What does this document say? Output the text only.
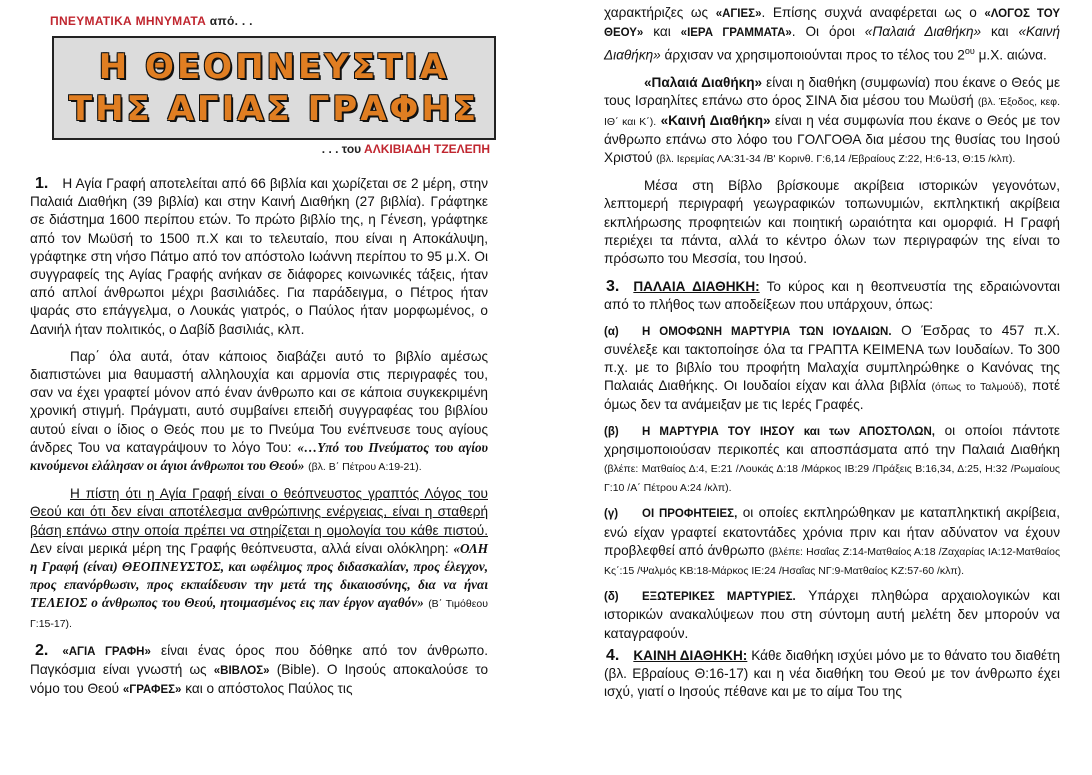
ΠΝΕΥΜΑΤΙΚΑ ΜΗΝΥΜΑΤΑ από. . .
Η ΘΕΟΠΝΕΥΣΤΙΑ
ΤΗΣ ΑΓΙΑΣ ΓΡΑΦΗΣ
. . . του ΑΛΚΙΒΙΑΔΗ ΤΖΕΛΕΠΗ

1. Η Αγία Γραφή αποτελείται από 66 βιβλία και χωρίζεται σε 2 μέρη, στην Παλαιά Διαθήκη (39 βιβλία) και στην Καινή Διαθήκη (27 βιβλία). Γράφτηκε σε διάστημα 1600 περίπου ετών. Το πρώτο βιβλίο της, η Γένεση, γράφτηκε από τον Μωϋσή το 1500 π.Χ και το τελευταίο, που είναι η Αποκάλυψη, γράφτηκε στη νήσο Πάτμο από τον απόστολο Ιωάννη περίπου το 95 μ.Χ. Οι συγγραφείς της Αγίας Γραφής ανήκαν σε διάφορες κοινωνικές τάξεις, ήταν από απλοί άνθρωποι μέχρι βασιλιάδες. Για παράδειγμα, ο Πέτρος ήταν ψαράς στο επάγγελμα, ο Λουκάς γιατρός, ο Παύλος ήταν μορφωμένος, ο Δανιήλ ήταν πολιτικός, ο Δαβίδ βασιλιάς, κλπ.

Παρ΄ όλα αυτά, όταν κάποιος διαβάζει αυτό το βιβλίο αμέσως διαπιστώνει μια θαυμαστή αλληλουχία και αρμονία στις περιγραφές του, σαν να έχει γραφτεί μόνον από έναν άνθρωπο και σε κάποια συγκεκριμένη χρονική στιγμή. Πράγματι, αυτό συμβαίνει επειδή συγγραφέας του βιβλίου αυτού είναι ο ίδιος ο Θεός που με το Πνεύμα Του ενέπνευσε τους αγίους άνδρες Του να καταγράψουν το λόγο Του: «…Υπό του Πνεύματος του αγίου κινούμενοι ελάλησαν οι άγιοι άνθρωποι του Θεού» (βλ. Β΄ Πέτρου Α:19-21).

Η πίστη ότι η Αγία Γραφή είναι ο θεόπνευστος γραπτός Λόγος του Θεού και ότι δεν είναι αποτέλεσμα ανθρώπινης ενέργειας, είναι η σταθερή βάση επάνω στην οποία πρέπει να στηρίζεται η ομολογία του κάθε πιστού. Δεν είναι μερικά μέρη της Γραφής θεόπνευστα, αλλά είναι ολόκληρη: «ΟΛΗ η Γραφή (είναι) ΘΕΟΠΝΕΥΣΤΟΣ, και ωφέλιμος προς διδασκαλίαν, προς έλεγχον, προς επανόρθωσιν, προς εκπαίδευσιν την μετά της δικαιοσύνης, δια να ήναι ΤΕΛΕΙΟΣ ο άνθρωπος του Θεού, ητοιμασμένος εις παν έργον αγαθόν» (Β΄ Τιμόθεου Γ:15-17).

2. «ΑΓΙΑ ΓΡΑΦΗ» είναι ένας όρος που δόθηκε από τον άνθρωπο. Παγκόσμια είναι γνωστή ως «ΒΙΒΛΟΣ» (Bible). Ο Ιησούς αποκαλούσε το νόμο του Θεού «ΓΡΑΦΕΣ» και ο απόστολος Παύλος τις

χαρακτήριζες ως «ΑΓΙΕΣ». Επίσης συχνά αναφέρεται ως ο «ΛΟΓΟΣ ΤΟΥ ΘΕΟΥ» και «ΙΕΡΑ ΓΡΑΜΜΑΤΑ». Οι όροι «Παλαιά Διαθήκη» και «Καινή Διαθήκη» άρχισαν να χρησιμοποιούνται προς το τέλος του $2^{o\upsilon}$ μ.Χ. αιώνα.

«Παλαιά Διαθήκη» είναι η διαθήκη (συμφωνία) που έκανε ο Θεός με τους Ισραηλίτες επάνω στο όρος ΣΙΝΑ δια μέσου του Μωϋσή (βλ. Έξοδος, κεφ. ΙΘ΄ και Κ΄). «Καινή Διαθήκη» είναι η νέα συμφωνία που έκανε ο Θεός με τον άνθρωπο επάνω στο λόφο του ΓΟΛΓΟΘΑ δια μέσου της θυσίας του Ιησού Χριστού (βλ. Ιερεμίας ΛΑ:31-34 /Β' Κορινθ. Γ:6,14 /Εβραίους Ζ:22, Η:6-13, Θ:15 /κλπ).

Μέσα στη Βίβλο βρίσκουμε ακρίβεια ιστορικών γεγονότων, λεπτομερή περιγραφή γεωγραφικών τοπωνυμιών, εκπληκτική ακρίβεια εκπλήρωσης προφητειών και ποιητική ωραιότητα και ομορφιά. Η Γραφή περιέχει τα πάντα, αλλά το κέντρο όλων των περιγραφών της είναι το πρόσωπο του Μεσσία, του Ιησού.

3. ΠΑΛΑΙΑ ΔΙΑΘΗΚΗ: Το κύρος και η θεοπνευστία της εδραιώνονται από το πλήθος των αποδείξεων που υπάρχουν, όπως:

(α) Η ΟΜΟΦΩΝΗ ΜΑΡΤΥΡΙΑ ΤΩΝ ΙΟΥΔΑΙΩΝ. Ο Έσδρας το 457 π.Χ. συνέλεξε και τακτοποίησε όλα τα ΓΡΑΠΤΑ ΚΕΙΜΕΝΑ των Ιουδαίων. Το 300 π.χ. με το βιβλίο του προφήτη Μαλαχία συμπληρώθηκε ο Κανόνας της Παλαιάς Διαθήκης. Οι Ιουδαίοι είχαν και άλλα βιβλία (όπως το Ταλμούδ), ποτέ όμως δεν τα ανάμειξαν με τις Ιερές Γραφές.

(β) Η ΜΑΡΤΥΡΙΑ ΤΟΥ ΙΗΣΟΥ και των ΑΠΟΣΤΟΛΩΝ, οι οποίοι πάντοτε χρησιμοποιούσαν περικοπές και αποσπάσματα από την Παλαιά Διαθήκη (βλέπε: Ματθαίος Δ:4, Ε:21 /Λουκάς Δ:18 /Μάρκος ΙΒ:29 /Πράξεις Β:16,34, Δ:25, Η:32 /Ρωμαίους Γ:10 /Α΄ Πέτρου Α:24 /κλπ).

(γ) ΟΙ ΠΡΟΦΗΤΕΙΕΣ, οι οποίες εκπληρώθηκαν με καταπληκτική ακρίβεια, ενώ είχαν γραφτεί εκατοντάδες χρόνια πριν και ήταν αδύνατον να έχουν προβλεφθεί από άνθρωπο (βλέπε: Ησαΐας Ζ:14-Ματθαίος Α:18 /Ζαχαρίας ΙΑ:12-Ματθαίος Κς΄:15 /Ψαλμός ΚΒ:18-Μάρκος ΙΕ:24 /Ησαΐας ΝΓ:9-Ματθαίος ΚΖ:57-60 /κλπ).

(δ) ΕΞΩΤΕΡΙΚΕΣ ΜΑΡΤΥΡΙΕΣ. Υπάρχει πληθώρα αρχαιολογικών και ιστορικών ανακαλύψεων που στη σύντομη αυτή μελέτη δεν μπορούν να καταγραφούν.

4. ΚΑΙΝΗ ΔΙΑΘΗΚΗ: Κάθε διαθήκη ισχύει μόνο με το θάνατο του διαθέτη (βλ. Εβραίους Θ:16-17) και η νέα διαθήκη του Θεού με τον άνθρωπο έχει ισχύ, γιατί ο Ιησούς πέθανε και με το αίμα Του της
